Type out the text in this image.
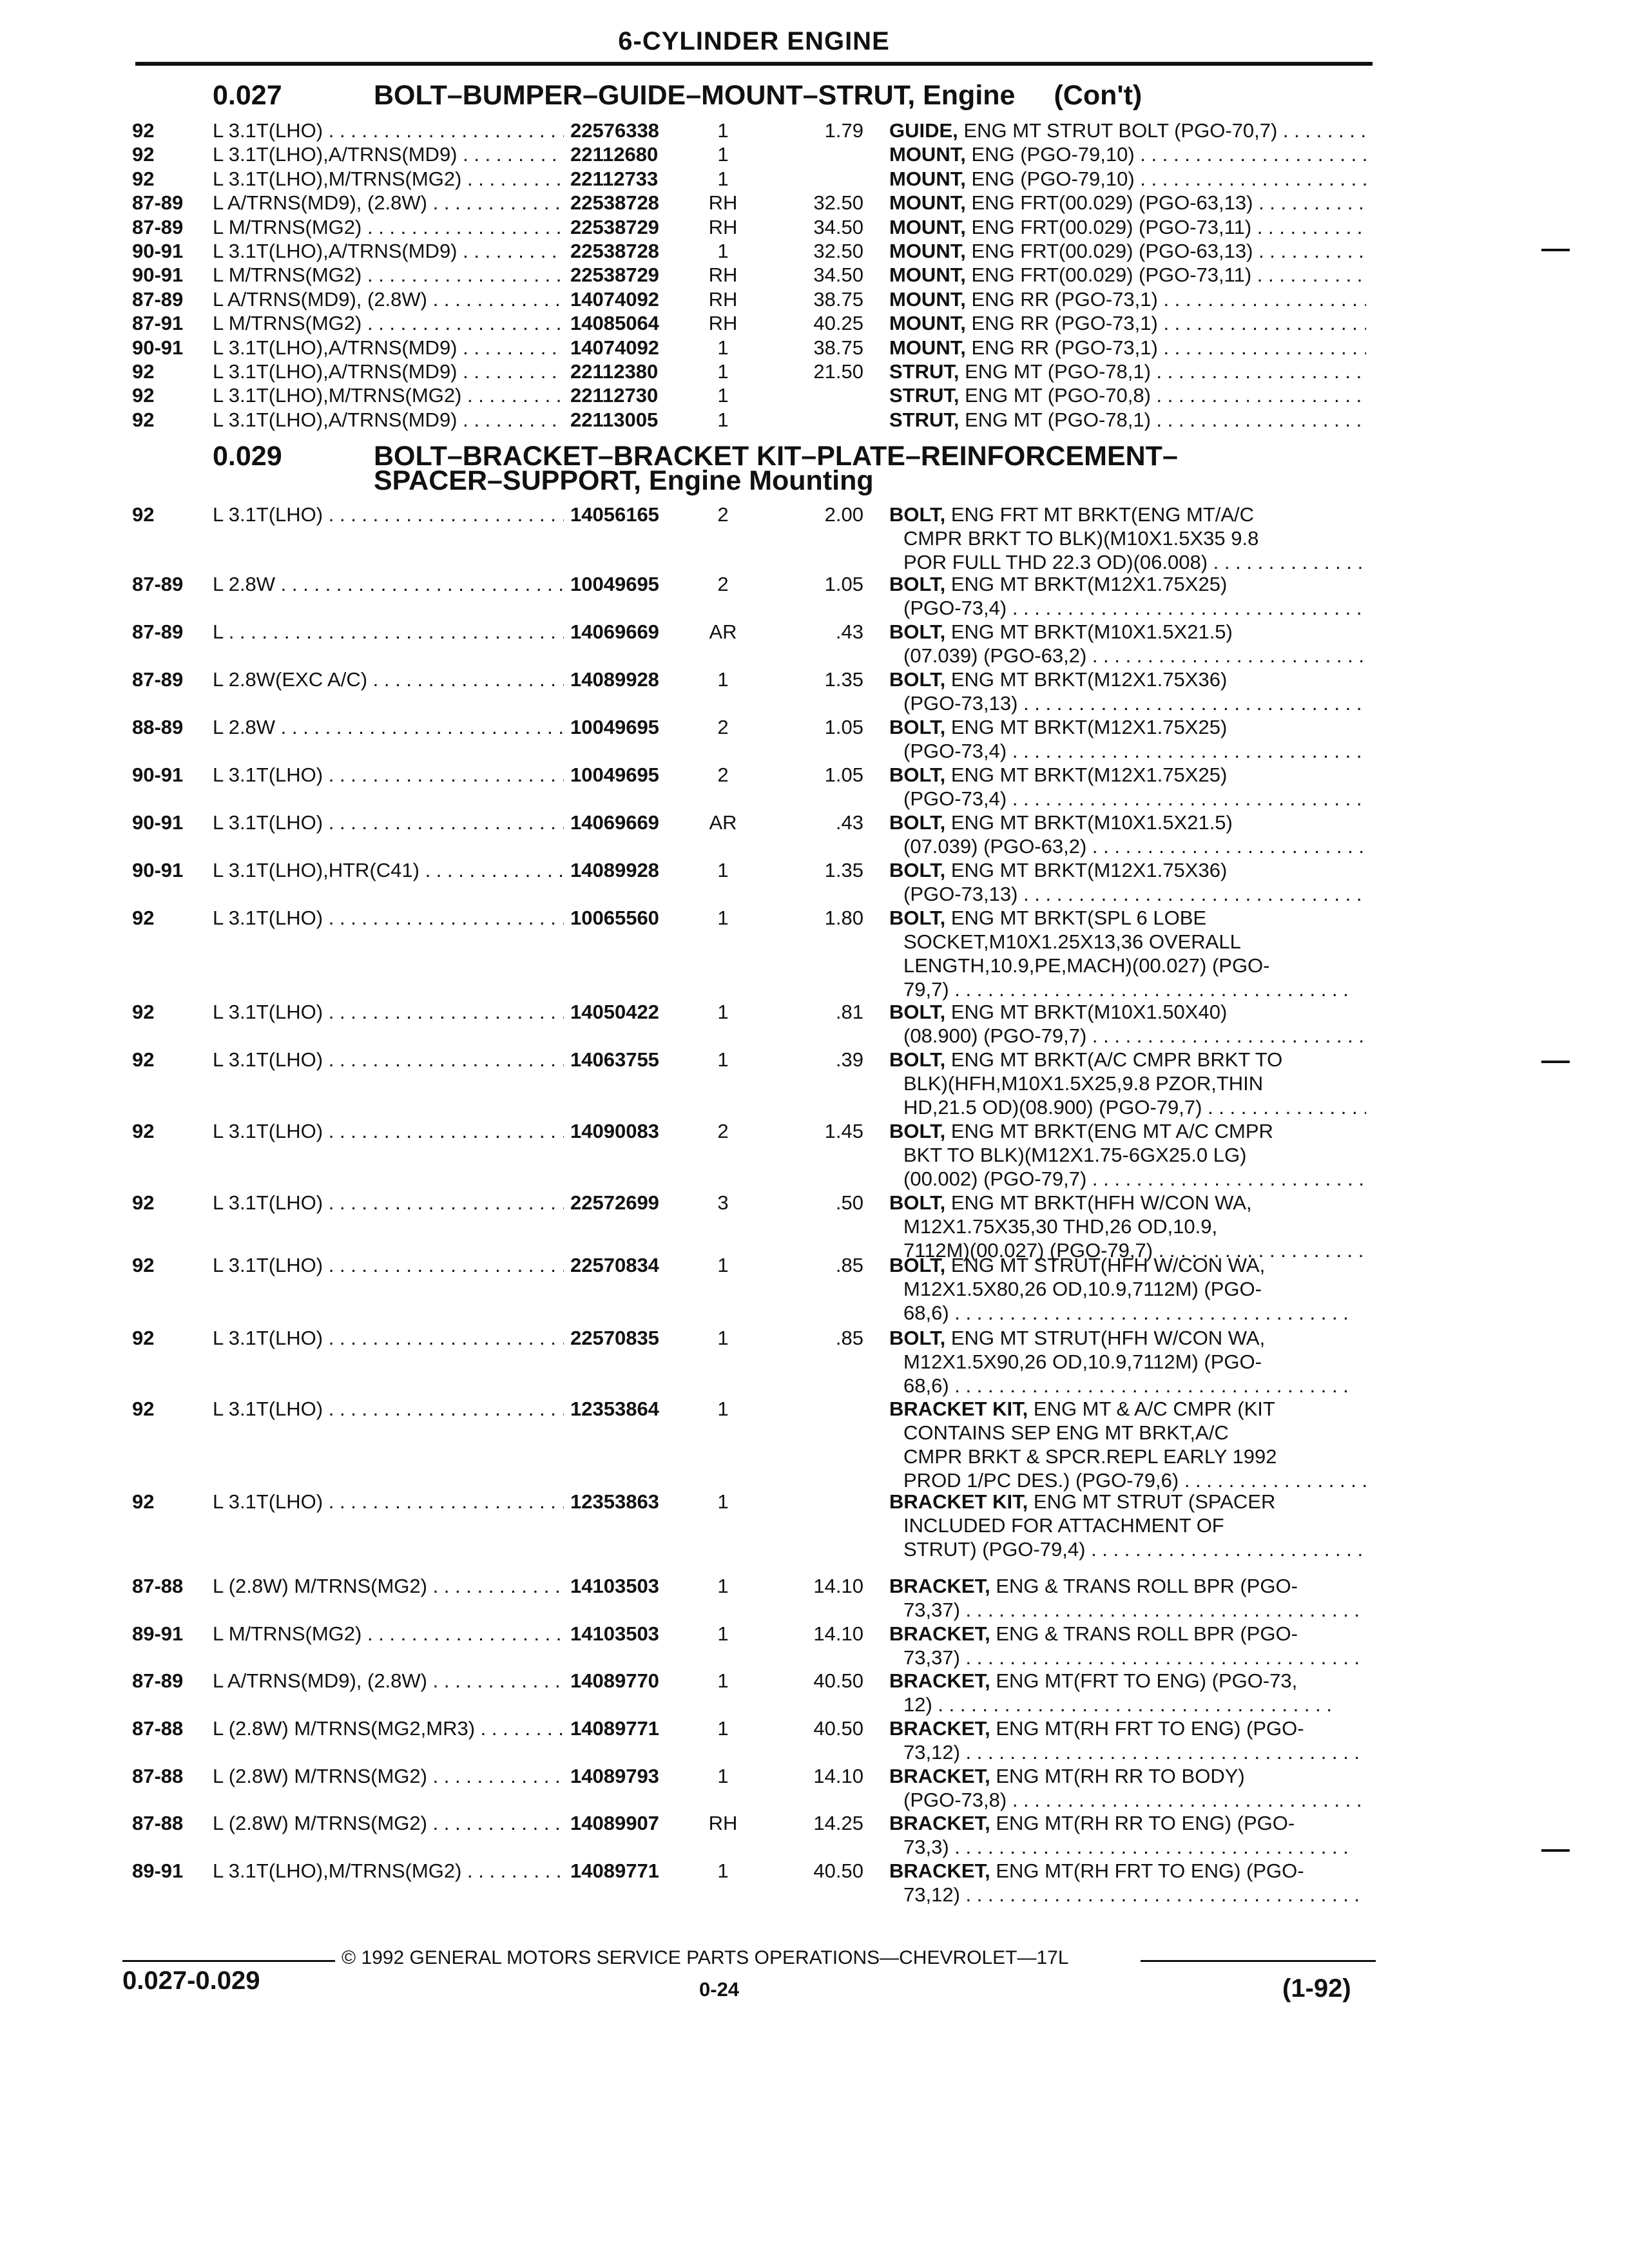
6-CYLINDER ENGINE
0.027	BOLT–BUMPER–GUIDE–MOUNT–STRUT, Engine (Con't)
92	L 3.1T(LHO) . . .	22576338	1	1.79 GUIDE, ENG MT STRUT BOLT (PGO-70,7) . . .
92	L 3.1T(LHO),A/TRNS(MD9) . . .	22112680	1	MOUNT, ENG (PGO-79,10) . . .
92	L 3.1T(LHO),M/TRNS(MG2) . . .	22112733	1	MOUNT, ENG (PGO-79,10) . . .
87-89 L A/TRNS(MD9), (2.8W) . . .	22538728 RH	32.50 MOUNT, ENG FRT(00.029) (PGO-63,13) . . .
87-89 L M/TRNS(MG2) . . .	22538729 RH	34.50 MOUNT, ENG FRT(00.029) (PGO-73,11) . . .
90-91 L 3.1T(LHO),A/TRNS(MD9) . . .	22538728	1	32.50 MOUNT, ENG FRT(00.029) (PGO-63,13) . . .
90-91 L M/TRNS(MG2) . . .	22538729 RH	34.50 MOUNT, ENG FRT(00.029) (PGO-73,11) . . .
87-89 L A/TRNS(MD9), (2.8W) . . .	14074092 RH	38.75 MOUNT, ENG RR (PGO-73,1) . . .
87-91 L M/TRNS(MG2) . . .	14085064 RH	40.25 MOUNT, ENG RR (PGO-73,1) . . .
90-91 L 3.1T(LHO),A/TRNS(MD9) . . .	14074092	1	38.75 MOUNT, ENG RR (PGO-73,1) . . .
92	L 3.1T(LHO),A/TRNS(MD9) . . .	22112380	1	21.50 STRUT, ENG MT (PGO-78,1) . . .
92	L 3.1T(LHO),M/TRNS(MG2) . . .	22112730	1	STRUT, ENG MT (PGO-70,8) . . .
92	L 3.1T(LHO),A/TRNS(MD9) . . .	22113005	1	STRUT, ENG MT (PGO-78,1) . . .
0.029	BOLT–BRACKET–BRACKET KIT–PLATE–REINFORCEMENT–
SPACER–SUPPORT, Engine Mounting
92	L 3.1T(LHO) . . .	14056165	2	2.00 BOLT, ENG FRT MT BRKT(ENG MT/A/C
CMPR BRKT TO BLK)(M10X1.5X35 9.8
POR FULL THD 22.3 OD)(06.008) . . .
87-89 L 2.8W . . .	10049695	2	1.05 BOLT, ENG MT BRKT(M12X1.75X25)
(PGO-73,4) . . .
87-89 L . . .	14069669	AR	.43 BOLT, ENG MT BRKT(M10X1.5X21.5)
(07.039) (PGO-63,2) . . .
87-89 L 2.8W(EXC A/C) . . .	14089928	1	1.35 BOLT, ENG MT BRKT(M12X1.75X36)
(PGO-73,13) . . .
88-89 L 2.8W . . .	10049695	2	1.05 BOLT, ENG MT BRKT(M12X1.75X25)
(PGO-73,4) . . .
90-91 L 3.1T(LHO) . . .	10049695	2	1.05 BOLT, ENG MT BRKT(M12X1.75X25)
(PGO-73,4) . . .
90-91 L 3.1T(LHO) . . .	14069669	AR	.43 BOLT, ENG MT BRKT(M10X1.5X21.5)
(07.039) (PGO-63,2) . . .
90-91 L 3.1T(LHO),HTR(C41) . . .	14089928	1	1.35 BOLT, ENG MT BRKT(M12X1.75X36)
(PGO-73,13) . . .
92	L 3.1T(LHO) . . .	10065560	1	1.80 BOLT, ENG MT BRKT(SPL 6 LOBE
SOCKET,M10X1.25X13,36 OVERALL
LENGTH,10.9,PE,MACH)(00.027) (PGO-
79,7) . . .
92	L 3.1T(LHO) . . .	14050422	1	.81 BOLT, ENG MT BRKT(M10X1.50X40)
(08.900) (PGO-79,7) . . .
92	L 3.1T(LHO) . . .	14063755	1	.39 BOLT, ENG MT BRKT(A/C CMPR BRKT TO
BLK)(HFH,M10X1.5X25,9.8 PZOR,THIN
HD,21.5 OD)(08.900) (PGO-79,7) . . .
92	L 3.1T(LHO) . . .	14090083	2	1.45 BOLT, ENG MT BRKT(ENG MT A/C CMPR
BKT TO BLK)(M12X1.75-6GX25.0 LG)
(00.002) (PGO-79,7) . . .
92	L 3.1T(LHO) . . .	22572699	3	.50 BOLT, ENG MT BRKT(HFH W/CON WA,
M12X1.75X35,30 THD,26 OD,10.9,
7112M)(00.027) (PGO-79,7) . . .
92	L 3.1T(LHO) . . .	22570834	1	.85 BOLT, ENG MT STRUT(HFH W/CON WA,
M12X1.5X80,26 OD,10.9,7112M) (PGO-
68,6) . . .
92	L 3.1T(LHO) . . .	22570835	1	.85 BOLT, ENG MT STRUT(HFH W/CON WA,
M12X1.5X90,26 OD,10.9,7112M) (PGO-
68,6) . . .
92	L 3.1T(LHO) . . .	12353864	1	BRACKET KIT, ENG MT & A/C CMPR (KIT
CONTAINS SEP ENG MT BRKT,A/C
CMPR BRKT & SPCR.REPL EARLY 1992
PROD 1/PC DES.) (PGO-79,6) . . .
92	L 3.1T(LHO) . . .	12353863	1	BRACKET KIT, ENG MT STRUT (SPACER
INCLUDED FOR ATTACHMENT OF
STRUT) (PGO-79,4) . . .
87-88 L (2.8W) M/TRNS(MG2) . . .	14103503	1	14.10 BRACKET, ENG & TRANS ROLL BPR (PGO-
73,37) . . .
89-91 L M/TRNS(MG2) . . .	14103503	1	14.10 BRACKET, ENG & TRANS ROLL BPR (PGO-
73,37) . . .
87-89 L A/TRNS(MD9), (2.8W) . . .	14089770	1	40.50 BRACKET, ENG MT(FRT TO ENG) (PGO-73,
12) . . .
87-88 L (2.8W) M/TRNS(MG2,MR3) . . .	14089771	1	40.50 BRACKET, ENG MT(RH FRT TO ENG) (PGO-
73,12) . . .
87-88 L (2.8W) M/TRNS(MG2) . . .	14089793	1	14.10 BRACKET, ENG MT(RH RR TO BODY)
(PGO-73,8) . . .
87-88 L (2.8W) M/TRNS(MG2) . . .	14089907 RH	14.25 BRACKET, ENG MT(RH RR TO ENG) (PGO-
73,3) . . .
89-91 L 3.1T(LHO),M/TRNS(MG2) . . .	14089771	1	40.50 BRACKET, ENG MT(RH FRT TO ENG) (PGO-
73,12) . . .
© 1992 GENERAL MOTORS SERVICE PARTS OPERATIONS—CHEVROLET—17L
0.027-0.029	0-24	(1-92)
